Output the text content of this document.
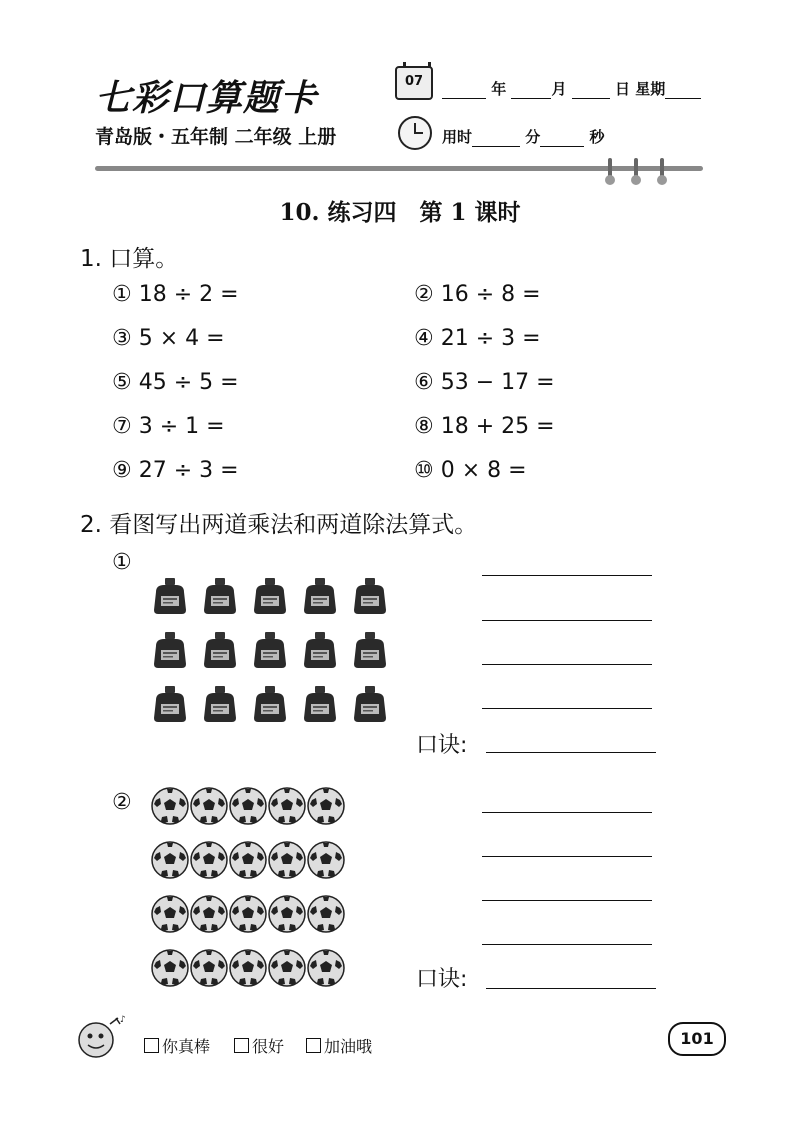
七彩口算题卡
青岛版・五年制 二年级 上册
07	年	月	日 星期
用时	分	秒
10. 练习四　第 1 课时
1. 口算。
① 18 ÷ 2 =	② 16 ÷ 8 =
③ 5 × 4 =	④ 21 ÷ 3 =
⑤ 45 ÷ 5 =	⑥ 53 − 17 =
⑦ 3 ÷ 1 =	⑧ 18 + 25 =
⑨ 27 ÷ 3 =	⑩ 0 × 8 =
2. 看图写出两道乘法和两道除法算式。
①
口诀:
②
口诀:
♪
你真棒	很好	加油哦	101
